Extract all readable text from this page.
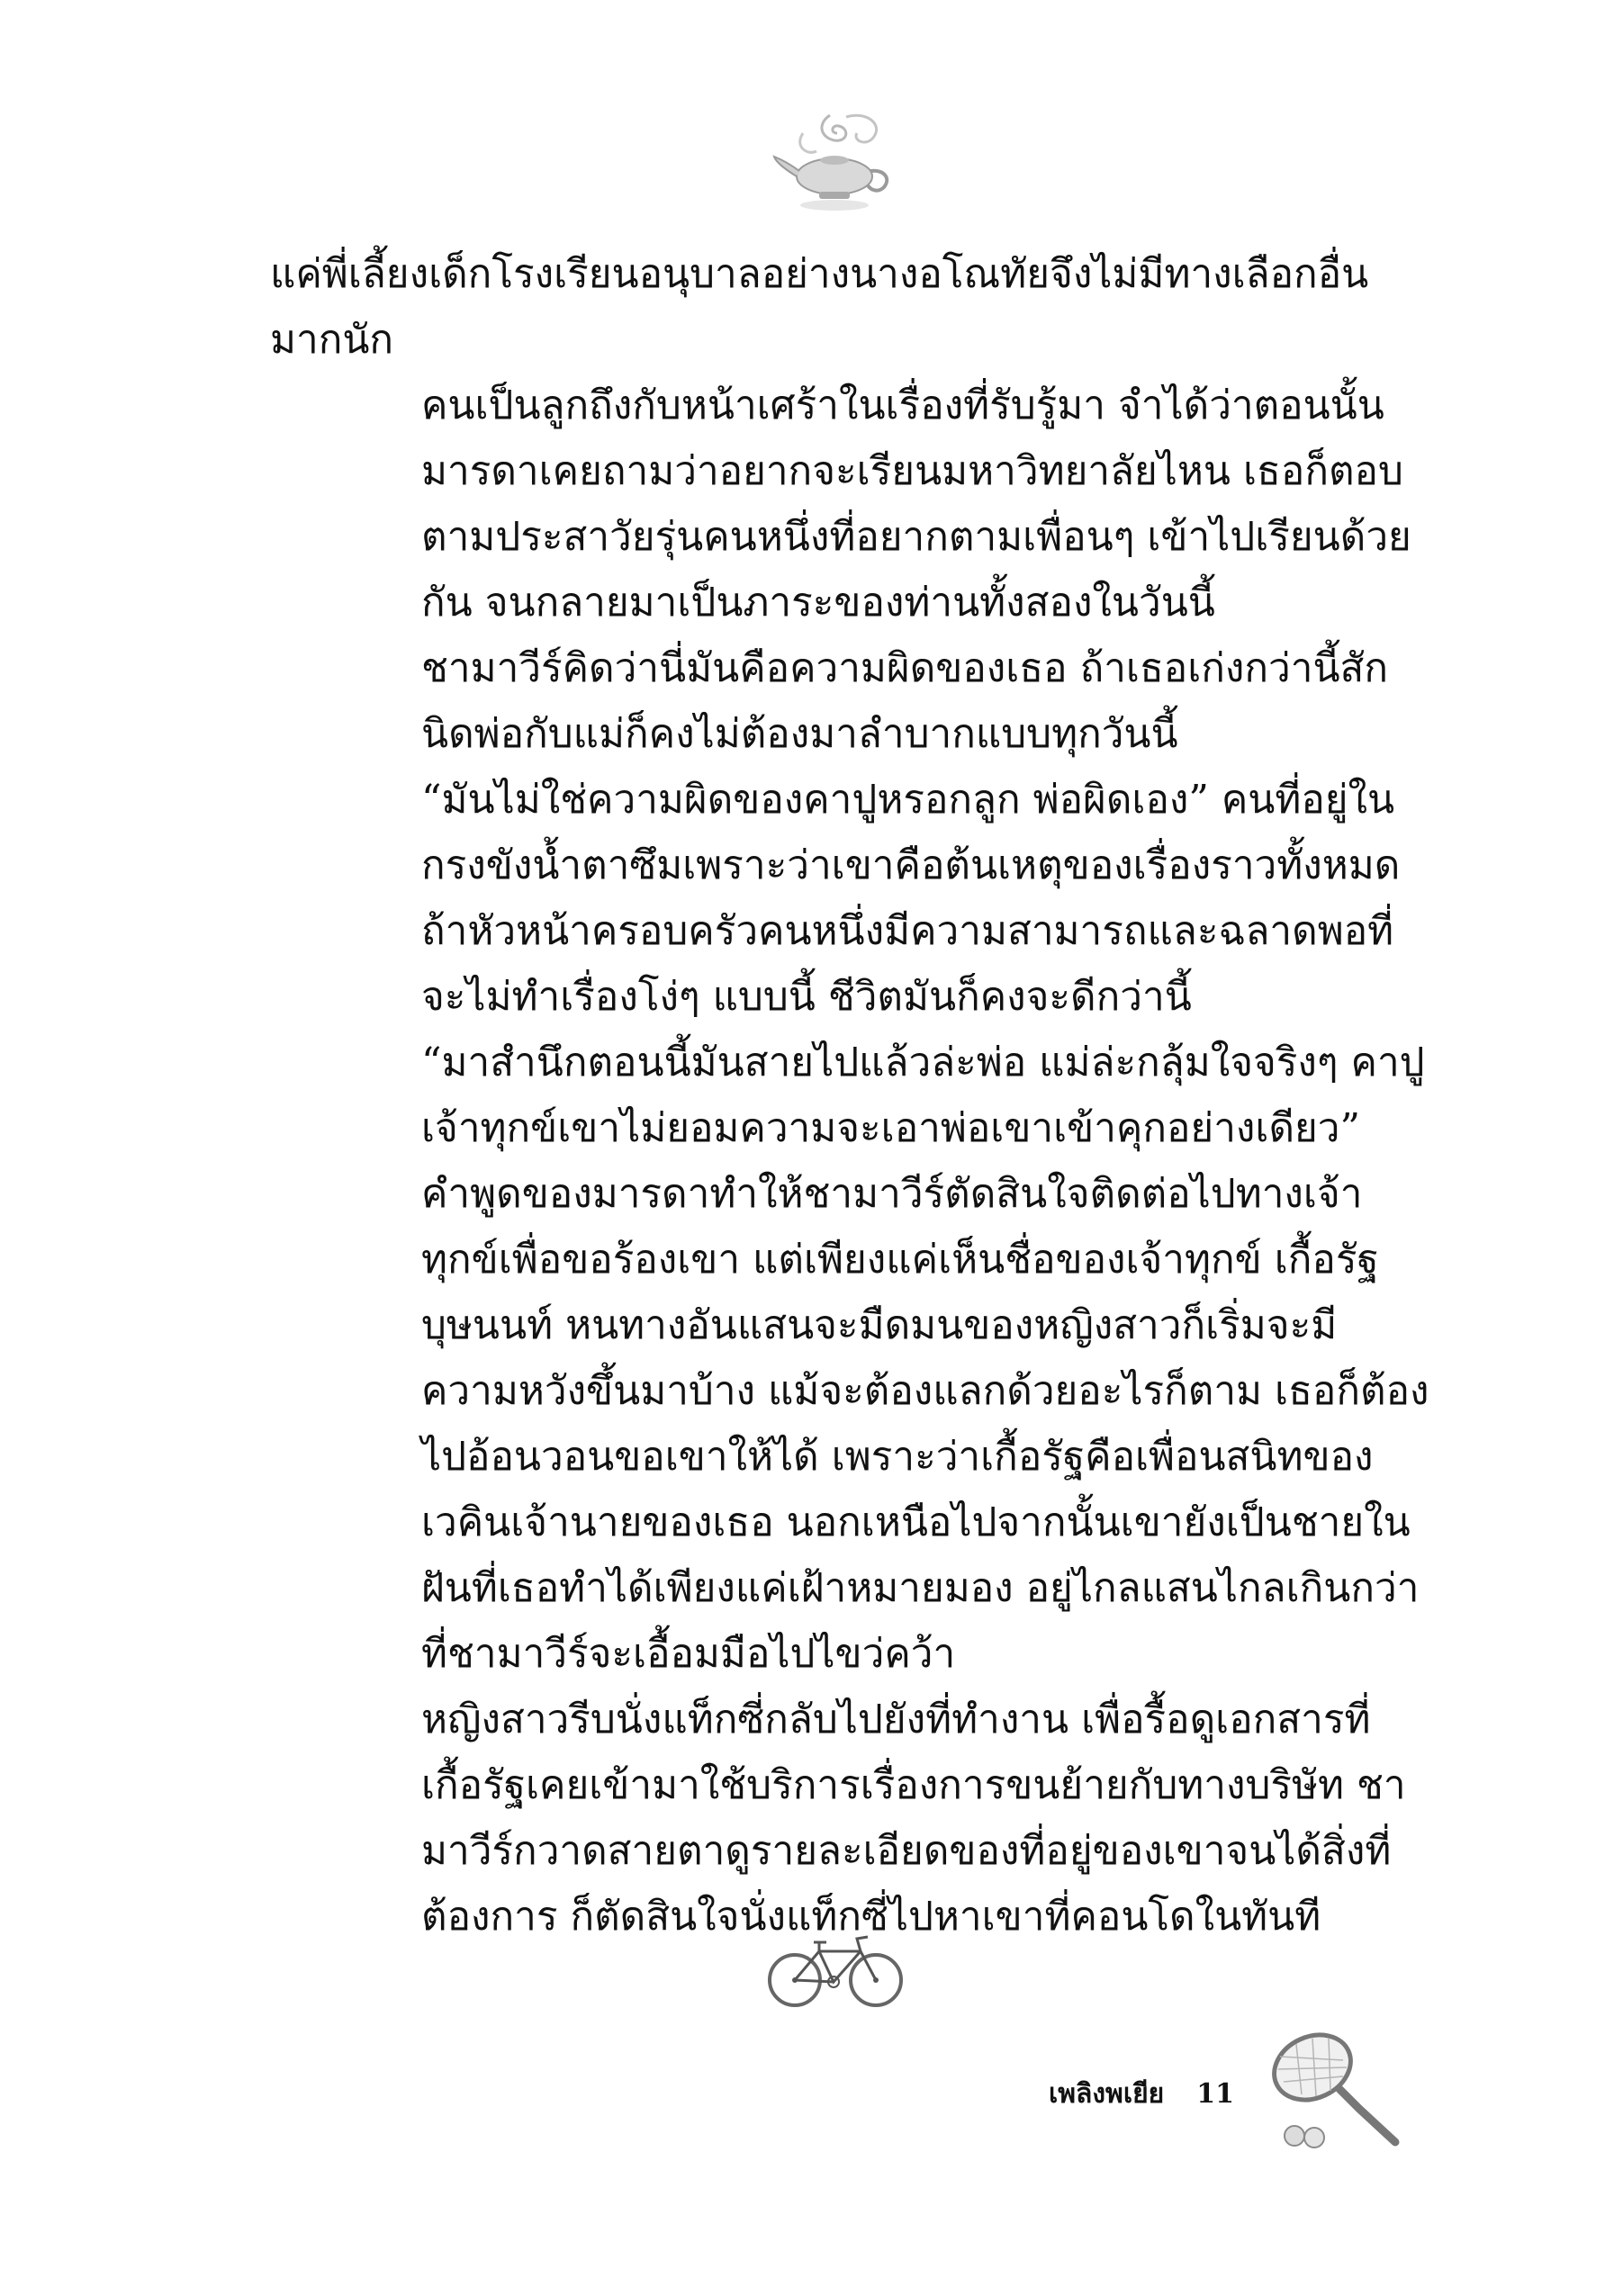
แค่พี่เลี้ยงเด็กโรงเรียนอนุบาลอย่างนางอโณทัยจึงไม่มีทางเลือกอื่นมากนัก

คนเป็นลูกถึงกับหน้าเศร้าในเรื่องที่รับรู้มา จำได้ว่าตอนนั้นมารดาเคยถามว่าอยากจะเรียนมหาวิทยาลัยไหน เธอก็ตอบตามประสาวัยรุ่นคนหนึ่งที่อยากตามเพื่อนๆ เข้าไปเรียนด้วยกัน จนกลายมาเป็นภาระของท่านทั้งสองในวันนี้

ชามาวีร์คิดว่านี่มันคือความผิดของเธอ ถ้าเธอเก่งกว่านี้สักนิดพ่อกับแม่ก็คงไม่ต้องมาลำบากแบบทุกวันนี้

“มันไม่ใช่ความผิดของคาปูหรอกลูก พ่อผิดเอง” คนที่อยู่ในกรงขังน้ำตาซึมเพราะว่าเขาคือต้นเหตุของเรื่องราวทั้งหมด ถ้าหัวหน้าครอบครัวคนหนึ่งมีความสามารถและฉลาดพอที่จะไม่ทำเรื่องโง่ๆ แบบนี้ ชีวิตมันก็คงจะดีกว่านี้

“มาสำนึกตอนนี้มันสายไปแล้วล่ะพ่อ แม่ล่ะกลุ้มใจจริงๆ คาปู เจ้าทุกข์เขาไม่ยอมความจะเอาพ่อเขาเข้าคุกอย่างเดียว”

คำพูดของมารดาทำให้ชามาวีร์ตัดสินใจติดต่อไปทางเจ้าทุกข์เพื่อขอร้องเขา แต่เพียงแค่เห็นชื่อของเจ้าทุกข์ เกื้อรัฐ บุษนนท์ หนทางอันแสนจะมืดมนของหญิงสาวก็เริ่มจะมีความหวังขึ้นมาบ้าง แม้จะต้องแลกด้วยอะไรก็ตาม เธอก็ต้องไปอ้อนวอนขอเขาให้ได้ เพราะว่าเกื้อรัฐคือเพื่อนสนิทของเวคินเจ้านายของเธอ นอกเหนือไปจากนั้นเขายังเป็นชายในฝันที่เธอทำได้เพียงแค่เฝ้าหมายมอง อยู่ไกลแสนไกลเกินกว่าที่ชามาวีร์จะเอื้อมมือไปไขว่คว้า

หญิงสาวรีบนั่งแท็กซี่กลับไปยังที่ทำงาน เพื่อรื้อดูเอกสารที่เกื้อรัฐเคยเข้ามาใช้บริการเรื่องการขนย้ายกับทางบริษัท ชามาวีร์กวาดสายตาดูรายละเอียดของที่อยู่ของเขาจนได้สิ่งที่ต้องการ ก็ตัดสินใจนั่งแท็กซี่ไปหาเขาที่คอนโดในทันที

เพลิงพเยีย 11
